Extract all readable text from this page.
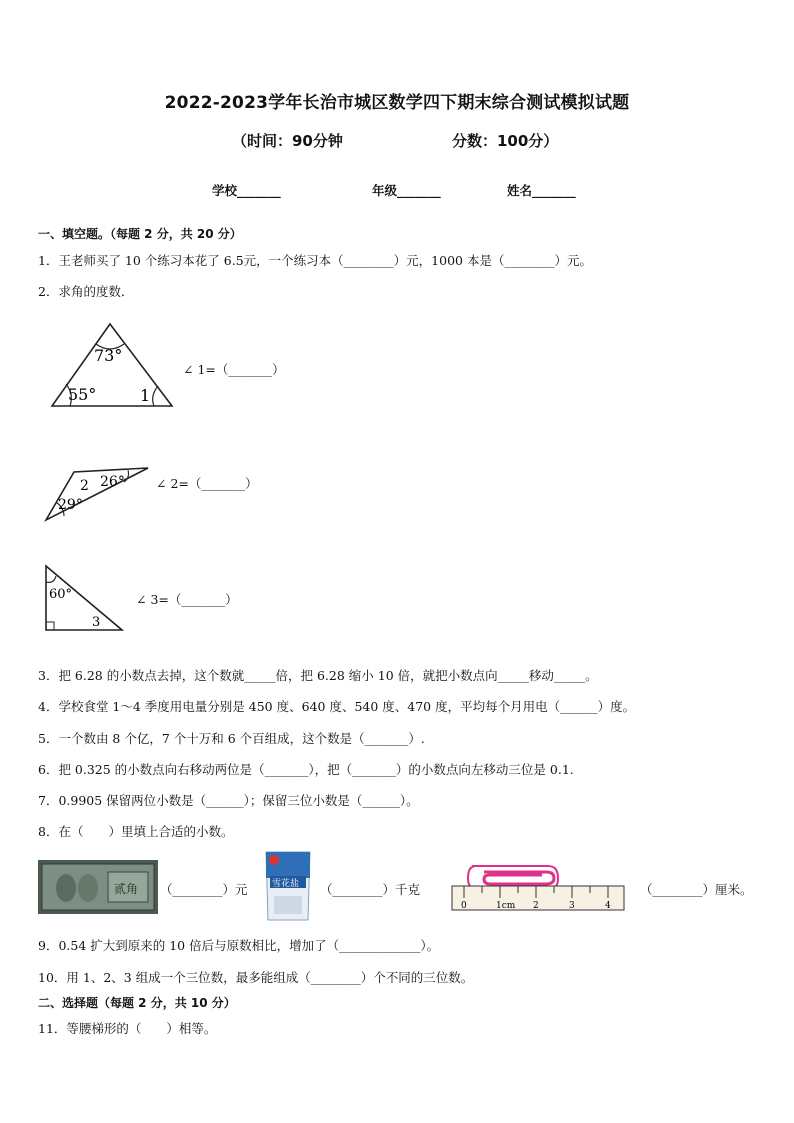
2022-2023学年长治市城区数学四下期末综合测试模拟试题
（时间：90分钟	分数：100分）
学校_______	年级_______	姓名_______
一、填空题。（每题 2 分，共 20 分）
1．王老师买了 10 个练习本花了 6.5元，一个练习本（________）元，1000 本是（________）元。
2．求角的度数．
73°
55°	1
∠ 1=（_______）
2 26°
29°
∠ 2=（_______）
60°
3
∠ 3=（_______）
3．把 6.28 的小数点去掉，这个数就_____倍，把 6.28 缩小 10 倍，就把小数点向_____移动_____。
4．学校食堂 1～4 季度用电量分别是 450 度、640 度、540 度、470 度，平均每个月用电（______）度。
5．一个数由 8 个亿，7 个十万和 6 个百组成，这个数是（_______）.
6．把 0.325 的小数点向右移动两位是（_______），把（_______）的小数点向左移动三位是 0.1.
7．0.9905 保留两位小数是（______）；保留三位小数是（______）。
8．在（　　）里填上合适的小数。
贰角 （________）元	雪花盐 （________）千克
0	1cm 2	3	4
（________）厘米。
9．0.54 扩大到原来的 10 倍后与原数相比，增加了（_____________）。
10．用 1、2、3 组成一个三位数，最多能组成（________）个不同的三位数。
二、选择题（每题 2 分，共 10 分）
11．等腰梯形的（　　）相等。
